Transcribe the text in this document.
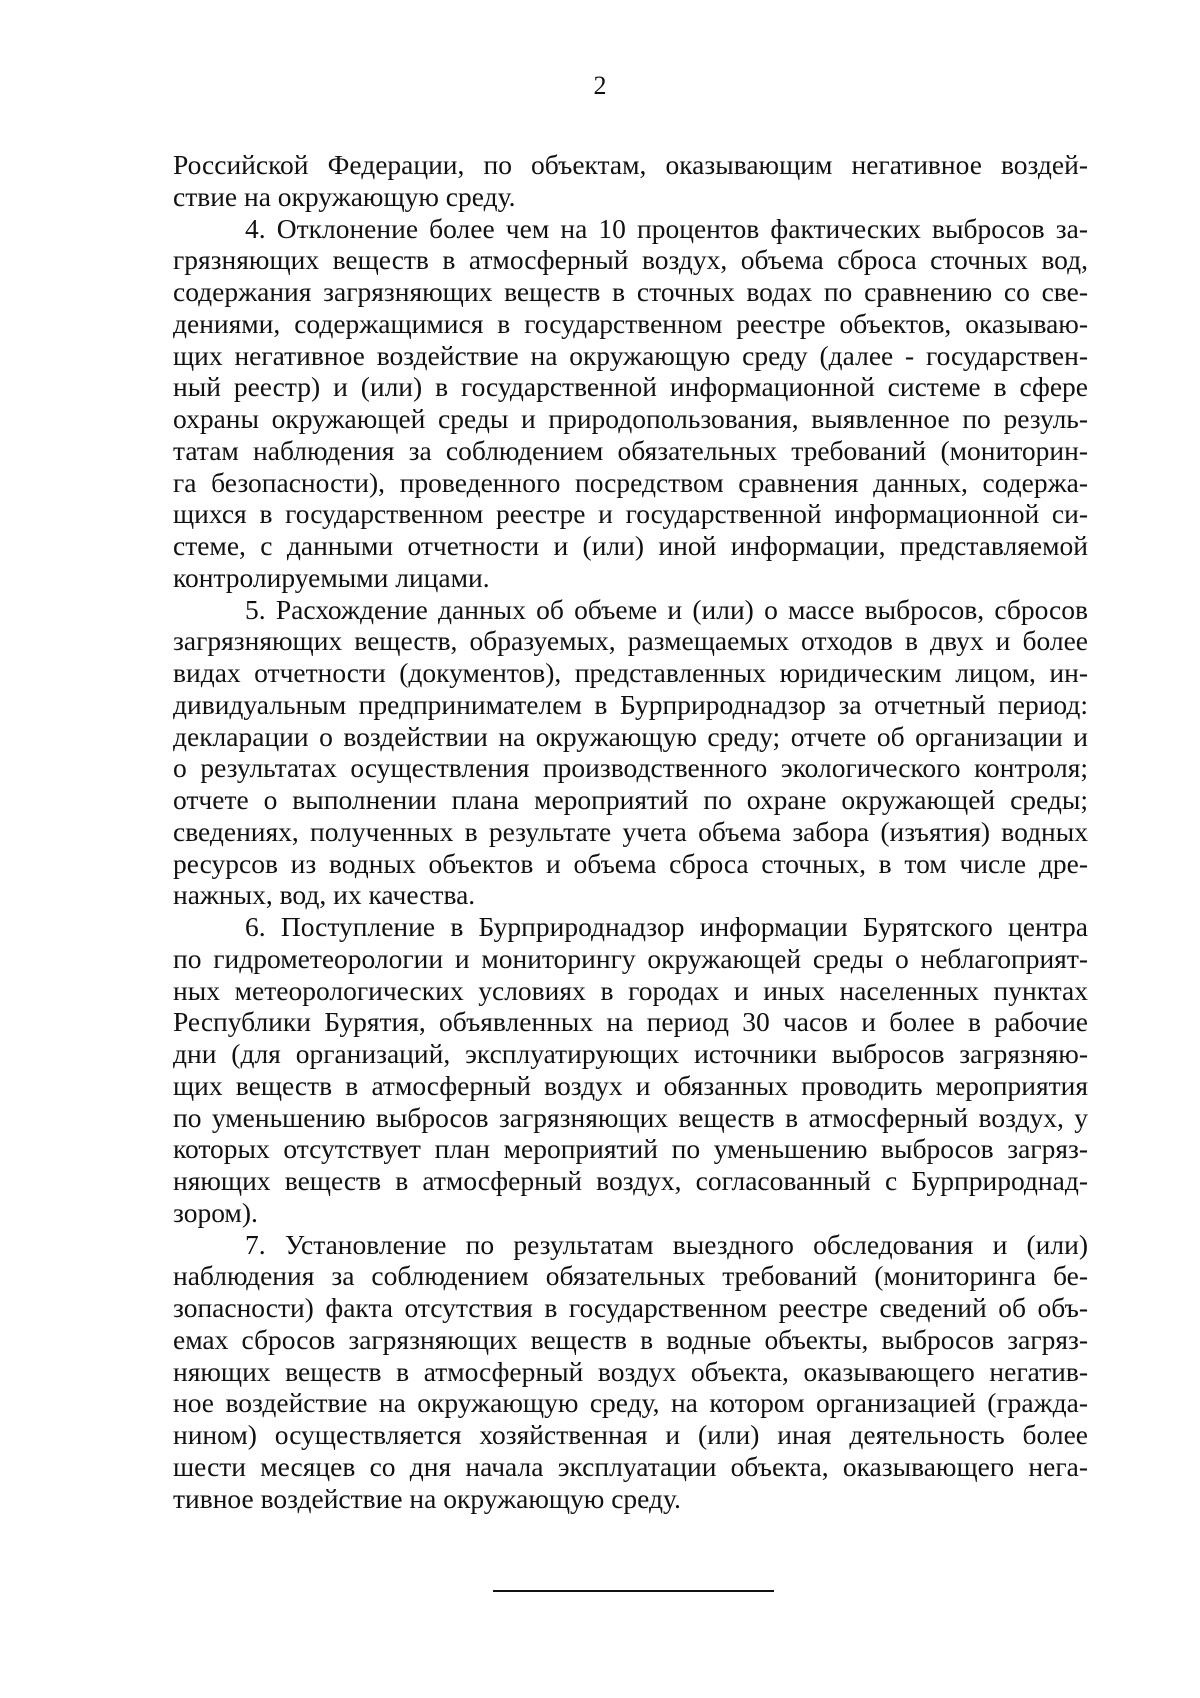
2
Российской Федерации, по объектам, оказывающим негативное воздей-
ствие на окружающую среду.
4. Отклонение более чем на 10 процентов фактических выбросов за-
грязняющих веществ в атмосферный воздух, объема сброса сточных вод,
содержания загрязняющих веществ в сточных водах по сравнению со све-
дениями, содержащимися в государственном реестре объектов, оказываю-
щих негативное воздействие на окружающую среду (далее - государствен-
ный реестр) и (или) в государственной информационной системе в сфере
охраны окружающей среды и природопользования, выявленное по резуль-
татам наблюдения за соблюдением обязательных требований (мониторин-
га безопасности), проведенного посредством сравнения данных, содержа-
щихся в государственном реестре и государственной информационной си-
стеме, с данными отчетности и (или) иной информации, представляемой
контролируемыми лицами.
5. Расхождение данных об объеме и (или) о массе выбросов, сбросов
загрязняющих веществ, образуемых, размещаемых отходов в двух и более
видах отчетности (документов), представленных юридическим лицом, ин-
дивидуальным предпринимателем в Бурприроднадзор за отчетный период:
декларации о воздействии на окружающую среду; отчете об организации и
о результатах осуществления производственного экологического контроля;
отчете о выполнении плана мероприятий по охране окружающей среды;
сведениях, полученных в результате учета объема забора (изъятия) водных
ресурсов из водных объектов и объема сброса сточных, в том числе дре-
нажных, вод, их качества.
6. Поступление в Бурприроднадзор информации Бурятского центра
по гидрометеорологии и мониторингу окружающей среды о неблагоприят-
ных метеорологических условиях в городах и иных населенных пунктах
Республики Бурятия, объявленных на период 30 часов и более в рабочие
дни (для организаций, эксплуатирующих источники выбросов загрязняю-
щих веществ в атмосферный воздух и обязанных проводить мероприятия
по уменьшению выбросов загрязняющих веществ в атмосферный воздух, у
которых отсутствует план мероприятий по уменьшению выбросов загряз-
няющих веществ в атмосферный воздух, согласованный с Бурприроднад-
зором).
7. Установление по результатам выездного обследования и (или)
наблюдения за соблюдением обязательных требований (мониторинга бе-
зопасности) факта отсутствия в государственном реестре сведений об объ-
емах сбросов загрязняющих веществ в водные объекты, выбросов загряз-
няющих веществ в атмосферный воздух объекта, оказывающего негатив-
ное воздействие на окружающую среду, на котором организацией (гражда-
нином) осуществляется хозяйственная и (или) иная деятельность более
шести месяцев со дня начала эксплуатации объекта, оказывающего нега-
тивное воздействие на окружающую среду.
